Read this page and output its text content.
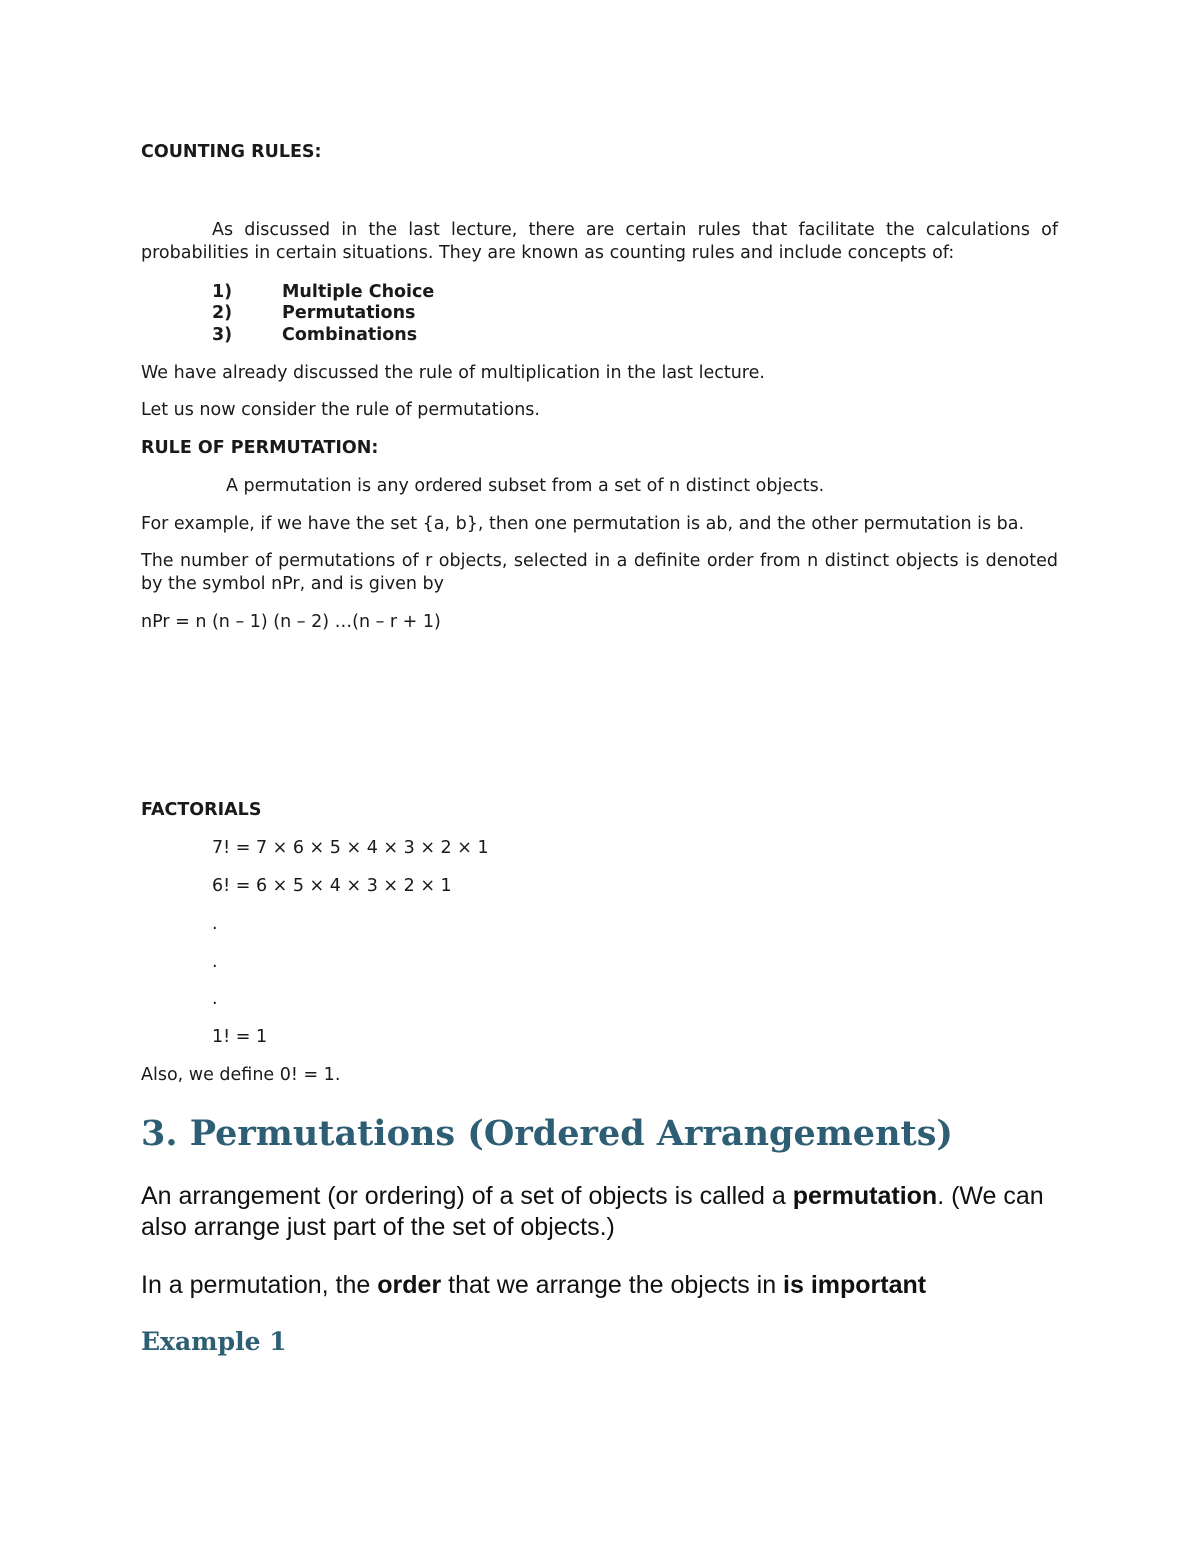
COUNTING RULES:

As discussed in the last lecture, there are certain rules that facilitate the calculations of probabilities in certain situations. They are known as counting rules and include concepts of:

1)	Multiple Choice
2)	Permutations
3)	Combinations

We have already discussed the rule of multiplication in the last lecture.

Let us now consider the rule of permutations.

RULE OF PERMUTATION:

A permutation is any ordered subset from a set of n distinct objects.

For example, if we have the set {a, b}, then one permutation is ab, and the other permutation is ba.

The number of permutations of r objects, selected in a definite order from n distinct objects is denoted by the symbol nPr, and is given by

nPr = n (n – 1) (n – 2) …(n – r + 1)

FACTORIALS

7! = 7 × 6 × 5 × 4 × 3 × 2 × 1

6! = 6 × 5 × 4 × 3 × 2 × 1

.

.

.

1! = 1

Also, we define 0! = 1.

3. Permutations (Ordered Arrangements)

An arrangement (or ordering) of a set of objects is called a permutation. (We can also arrange just part of the set of objects.)

In a permutation, the order that we arrange the objects in is important

Example 1
